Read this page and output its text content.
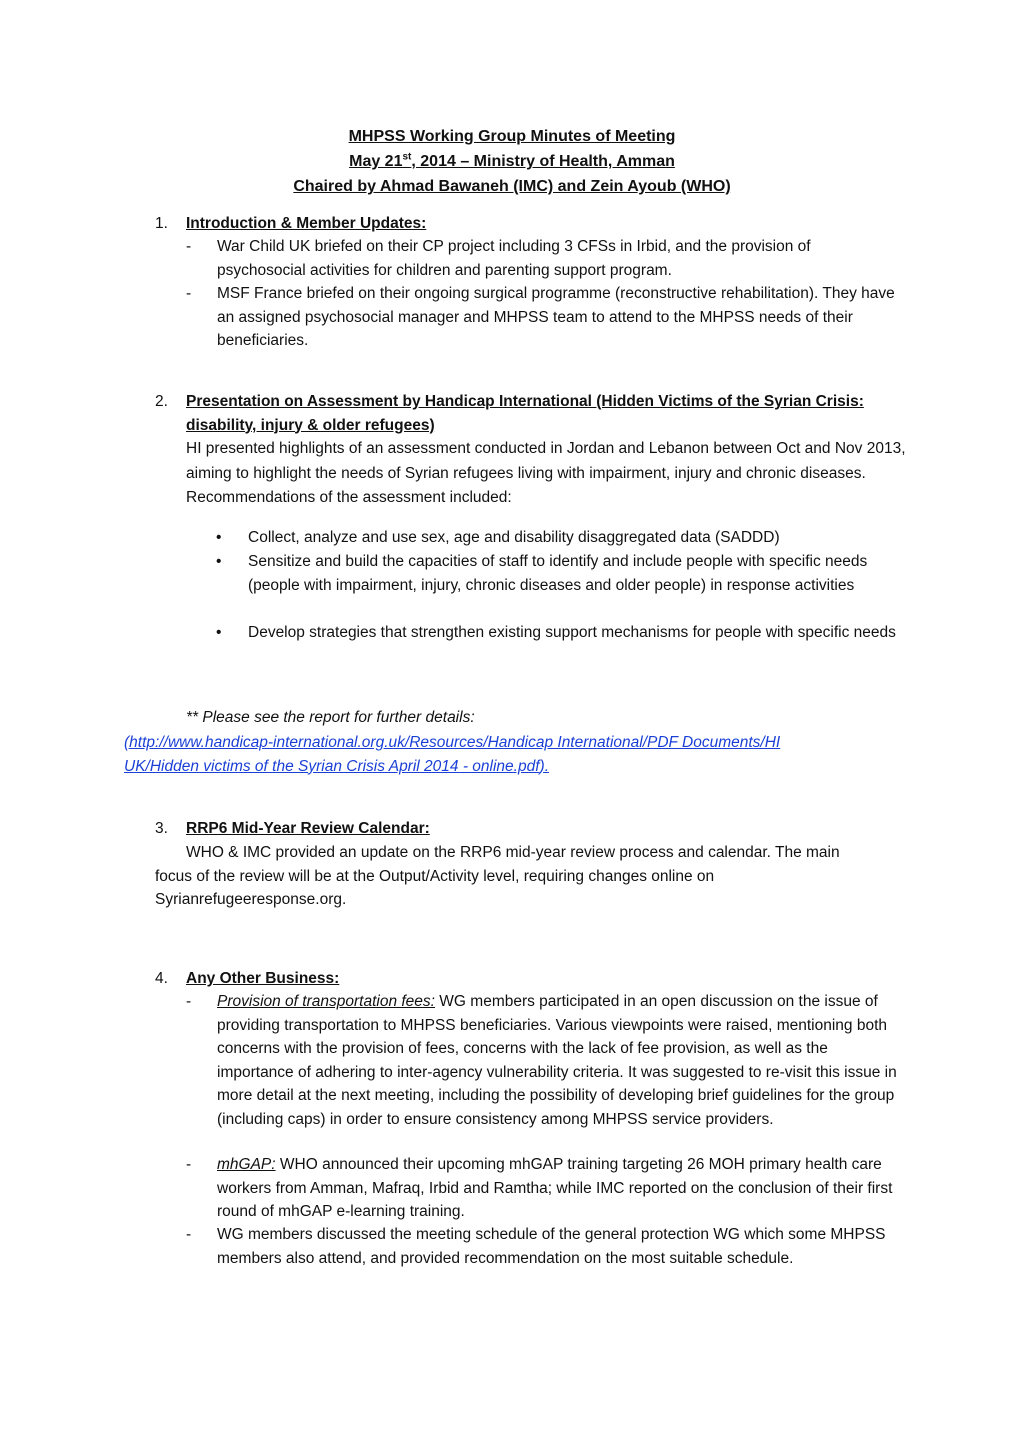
MHPSS Working Group Minutes of Meeting
May 21st, 2014 – Ministry of Health, Amman
Chaired by Ahmad Bawaneh (IMC) and Zein Ayoub (WHO)
1. Introduction & Member Updates:
- War Child UK briefed on their CP project including 3 CFSs in Irbid, and the provision of psychosocial activities for children and parenting support program.
- MSF France briefed on their ongoing surgical programme (reconstructive rehabilitation). They have an assigned psychosocial manager and MHPSS team to attend to the MHPSS needs of their beneficiaries.
2. Presentation on Assessment by Handicap International (Hidden Victims of the Syrian Crisis: disability, injury & older refugees)
HI presented highlights of an assessment conducted in Jordan and Lebanon between Oct and Nov 2013, aiming to highlight the needs of Syrian refugees living with impairment, injury and chronic diseases. Recommendations of the assessment included:
• Collect, analyze and use sex, age and disability disaggregated data (SADDD)
• Sensitize and build the capacities of staff to identify and include people with specific needs (people with impairment, injury, chronic diseases and older people) in response activities
• Develop strategies that strengthen existing support mechanisms for people with specific needs
** Please see the report for further details:
(http://www.handicap-international.org.uk/Resources/Handicap International/PDF Documents/HI
UK/Hidden victims of the Syrian Crisis April 2014 - online.pdf).
3. RRP6 Mid-Year Review Calendar:
WHO & IMC provided an update on the RRP6 mid-year review process and calendar. The main focus of the review will be at the Output/Activity level, requiring changes online on Syrianrefugeeresponse.org.
4. Any Other Business:
- Provision of transportation fees: WG members participated in an open discussion on the issue of providing transportation to MHPSS beneficiaries. Various viewpoints were raised, mentioning both concerns with the provision of fees, concerns with the lack of fee provision, as well as the importance of adhering to inter-agency vulnerability criteria. It was suggested to re-visit this issue in more detail at the next meeting, including the possibility of developing brief guidelines for the group (including caps) in order to ensure consistency among MHPSS service providers.
- mhGAP: WHO announced their upcoming mhGAP training targeting 26 MOH primary health care workers from Amman, Mafraq, Irbid and Ramtha; while IMC reported on the conclusion of their first round of mhGAP e-learning training.
- WG members discussed the meeting schedule of the general protection WG which some MHPSS members also attend, and provided recommendation on the most suitable schedule.
